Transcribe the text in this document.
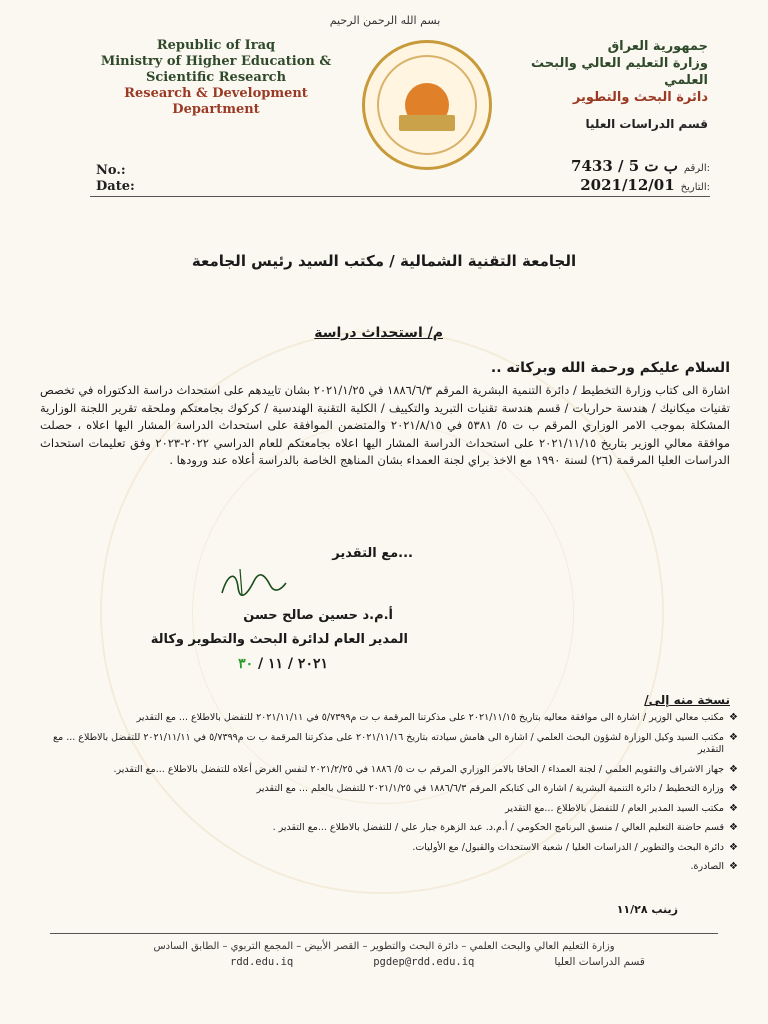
بسم الله الرحمن الرحيم
Republic of Iraq
Ministry of Higher Education &
Scientific Research
Research & Development
Department
جمهورية العراق
وزارة التعليم العالي والبحث العلمي
دائرة البحث والتطوير
قسم الدراسات العليا
No.:
Date:
ب ت 5 / 7433 الرقم:
2021/12/01 التاريخ:
الجامعة التقنية الشمالية / مكتب السيد رئيس الجامعة
م/ استحداث دراسة
السلام عليكم ورحمة الله وبركاته ..
اشارة الى كتاب وزارة التخطيط / دائرة التنمية البشرية المرقم ١٨٨٦/٦/٣ في ٢٠٢١/١/٢٥ بشان تاييدهم على استحداث دراسة الدكتوراه في تخصص تقنيات ميكانيك / هندسة حراريات / قسم هندسة تقنيات التبريد والتكييف / الكلية التقنية الهندسية / كركوك بجامعتكم وملحقه تقرير اللجنة الوزارية المشكلة بموجب الامر الوزاري المرقم ب ت ٥/ ٥٣٨١ في ٢٠٢١/٨/١٥ والمتضمن الموافقة على استحداث الدراسة المشار اليها اعلاه ، حصلت موافقة معالي الوزير بتاريخ ٢٠٢١/١١/١٥ على استحداث الدراسة المشار اليها اعلاه بجامعتكم للعام الدراسي ٢٠٢٢-٢٠٢٣ وفق تعليمات استحداث الدراسات العليا المرقمة (٢٦) لسنة ١٩٩٠ مع الاخذ براي لجنة العمداء بشان المناهج الخاصة بالدراسة أعلاه عند ورودها .
...مع التقدير
أ.م.د حسين صالح حسن
المدير العام لدائرة البحث والتطوير وكالة
٢٠٢١ / ١١ / ٣٠
نسخة منه إلى/
❖
مكتب معالي الوزير / اشارة الى موافقة معاليه بتاريخ ٢٠٢١/١١/١٥ على مذكرتنا المرقمة ب ت م٥/٧٣٩٩ في ٢٠٢١/١١/١١ للتفضل بالاطلاع ... مع التقدير
❖
مكتب السيد وكيل الوزارة لشؤون البحث العلمي / اشارة الى هامش سيادته بتاريخ ٢٠٢١/١١/١٦ على مذكرتنا المرقمة ب ت م٥/٧٣٩٩ في ٢٠٢١/١١/١١ للتفضل بالاطلاع ... مع التقدير
❖
جهاز الاشراف والتقويم العلمي / لجنة العمداء / الحاقا بالامر الوزاري المرقم ب ت ٥/ ١٨٨٦ في ٢٠٢١/٢/٢٥ لنفس الغرض أعلاه للتفضل بالاطلاع ...مع التقدير.
❖
وزارة التخطيط / دائرة التنمية البشرية / اشارة الى كتابكم المرقم ١٨٨٦/٦/٣ في ٢٠٢١/١/٢٥ للتفضل بالعلم ... مع التقدير
❖
مكتب السيد المدير العام / للتفضل بالاطلاع ...مع التقدير
❖
قسم حاضنة التعليم العالي / منسق البرنامج الحكومي / أ.م.د. عبد الزهرة جبار علي / للتفضل بالاطلاع ...مع التقدير .
❖
دائرة البحث والتطوير / الدراسات العليا / شعبة الاستحداث والقبول/ مع الأوليات.
❖
الصادرة.
زينب ١١/٢٨
وزارة التعليم العالي والبحث العلمي – دائرة البحث والتطوير – القصر الأبيض – المجمع التربوي – الطابق السادس
rdd.edu.iq	pgdep@rdd.edu.iq	قسم الدراسات العليا
